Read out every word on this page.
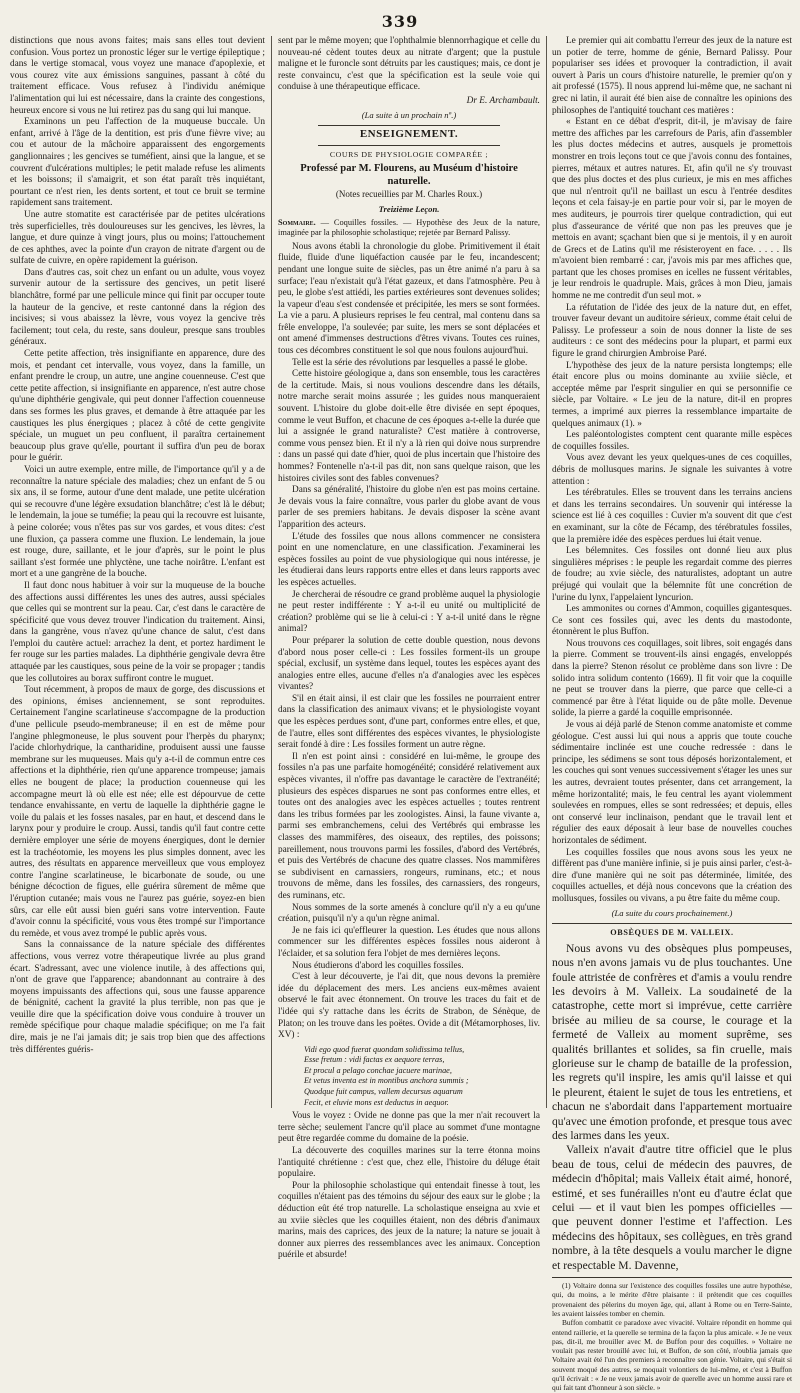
339

distinctions que nous avons faites; mais sans elles tout devient confusion. Vous portez un pronostic léger sur le vertige épileptique ; dans le vertige stomacal, vous voyez une manace d'apoplexie, et vous courez vite aux émissions sanguines, passant à côté du traitement efficace. Vous refusez à l'individu anémique l'alimentation qui lui est nécessaire, dans la crainte des congestions, heureux encore si vous ne lui retirez pas du sang qui lui manque.

Examinons un peu l'affection de la muqueuse buccale. Un enfant, arrivé à l'âge de la dentition, est pris d'une fièvre vive; au cou et autour de la mâchoire apparaissent des engorgements ganglionnaires ; les gencives se tuméfient, ainsi que la langue, et se couvrent d'ulcérations multiples; le petit malade refuse les aliments et les boissons; il s'amaigrit, et son état paraît très inquiétant, pourtant ce n'est rien, les dents sortent, et tout ce bruit se termine rapidement sans traitement.

Une autre stomatite est caractérisée par de petites ulcérations très superficielles, très douloureuses sur les gencives, les lèvres, la langue, et dure quinze à vingt jours, plus ou moins; l'attouchement de ces aphthes, avec la pointe d'un crayon de nitrate d'argent ou de sulfate de cuivre, en opère rapidement la guérison.

Dans d'autres cas, soit chez un enfant ou un adulte, vous voyez survenir autour de la sertissure des gencives, un petit liseré blanchâtre, formé par une pellicule mince qui finit par occuper toute la hauteur de la gencive, et reste cantonné dans la région des incisives; si vous abaissez la lèvre, vous voyez la gencive très facilement; tout cela, du reste, sans douleur, presque sans troubles généraux.

Cette petite affection, très insignifiante en apparence, dure des mois, et pendant cet intervalle, vous voyez, dans la famille, un enfant prendre le croup, un autre, une angine couenneuse. C'est que cette petite affection, si insignifiante en apparence, n'est autre chose qu'une diphthérie gengivale, qui peut donner l'affection couenneuse dans ses formes les plus graves, et demande à être attaquée par les caustiques les plus énergiques ; placez à côté de cette gengivite spéciale, un muguet un peu confluent, il paraîtra certainement beaucoup plus grave qu'elle, pourtant il suffira d'un peu de borax pour le guérir.

Voici un autre exemple, entre mille, de l'importance qu'il y a de reconnaître la nature spéciale des maladies; chez un enfant de 5 ou six ans, il se forme, autour d'une dent malade, une petite ulcération qui se recouvre d'une légère exsudation blanchâtre; c'est là le début; le lendemain, la joue se tuméfie; la peau qui la recouvre est luisante, à peine colorée; vous n'êtes pas sur vos gardes, et vous dites: c'est une fluxion, ça passera comme une fluxion. Le lendemain, la joue est rouge, dure, saillante, et le jour d'après, sur le point le plus saillant s'est formée une phlyctène, une tache noirâtre. L'enfant est mort et a une gangrène de la bouche.

Il faut donc nous habituer à voir sur la muqueuse de la bouche des affections aussi différentes les unes des autres, aussi spéciales que celles qui se montrent sur la peau. Car, c'est dans le caractère de spécificité que vous devez trouver l'indication du traitement. Ainsi, dans la gangrène, vous n'avez qu'une chance de salut, c'est dans l'emploi du cautère actuel: arrachez la dent, et portez hardiment le fer rouge sur les parties malades. La diphthérie gengivale devra être attaquée par les caustiques, sous peine de la voir se propager ; tandis que les collutoires au borax suffiront contre le muguet.

Tout récemment, à propos de maux de gorge, des discussions et des opinions, émises anciennement, se sont reproduites. Certainement l'angine scarlatineuse s'accompagne de la production d'une pellicule pseudo-membraneuse; il en est de même pour l'angine phlegmoneuse, le plus souvent pour l'herpès du pharynx; l'acide chlorhydrique, la cantharidine, produisent aussi une fausse membrane sur les muqueuses. Mais qu'y a-t-il de commun entre ces affections et la diphthérie, rien qu'une apparence trompeuse; jamais elles ne bougent de place; la production couenneuse qui les accompagne meurt là où elle est née; elle est dépourvue de cette tendance envahissante, en vertu de laquelle la diphthérie gagne le voile du palais et les fosses nasales, par en haut, et descend dans le larynx pour y produire le croup. Aussi, tandis qu'il faut contre cette dernière employer une série de moyens énergiques, dont le dernier est la trachéotomie, les moyens les plus simples donnent, avec les autres, des résultats en apparence merveilleux que vous employez contre l'angine scarlatineuse, le bicarbonate de soude, ou une bénigne décoction de figues, elle guérira sûrement de même que l'éruption cutanée; mais vous ne l'aurez pas guérie, soyez-en bien sûrs, car elle eût aussi bien guéri sans votre intervention. Faute d'avoir connu la spécificité, vous vous êtes trompé sur l'importance du remède, et vous avez trompé le public après vous.

Sans la connaissance de la nature spéciale des différentes affections, vous verrez votre thérapeutique livrée au plus grand écart. S'adressant, avec une violence inutile, à des affections qui, n'ont de grave que l'apparence; abandonnant au contraire à des moyens impuissants des affections qui, sous une fausse apparence de bénignité, cachent la gravité la plus terrible, non pas que je veuille dire que la spécification doive vous conduire à trouver un remède spécifique pour chaque maladie spécifique; on me l'a fait dire, mais je ne l'ai jamais dit; je sais trop bien que des affections très différentes guéris-

sent par le même moyen; que l'ophthalmie blennorrhagique et celle du nouveau-né cèdent toutes deux au nitrate d'argent; que la pustule maligne et le furoncle sont détruits par les caustiques; mais, ce dont je reste convaincu, c'est que la spécification est la seule voie qui conduise à une thérapeutique efficace.

Dr E. Archambault.
(La suite à un prochain nº.)
ENSEIGNEMENT.
COURS DE PHYSIOLOGIE COMPARÉE ;
Professé par M. Flourens, au Muséum d'histoire naturelle.
(Notes recueillies par M. Charles Roux.)
Treizième Leçon.

Sommaire. — Coquilles fossiles. — Hypothèse des Jeux de la nature, imaginée par la philosophie scholastique; rejetée par Bernard Palissy.

Nous avons établi la chronologie du globe. Primitivement il était fluide, fluide d'une liquéfaction causée par le feu, incandescent; pendant une longue suite de siècles, pas un être animé n'a paru à sa surface; l'eau n'existait qu'à l'état gazeux, et dans l'atmosphère. Peu à peu, le globe s'est attiédi, les parties extérieures sont devenues solides; la vapeur d'eau s'est condensée et précipitée, les mers se sont formées. La vie a paru. A plusieurs reprises le feu central, mal contenu dans sa frêle enveloppe, l'a soulevée; par suite, les mers se sont déplacées et ont amené d'immenses destructions d'êtres vivans. Toutes ces ruines, tous ces décombres constituent le sol que nous foulons aujourd'hui.

Telle est la série des révolutions par lesquelles a passé le globe.

Cette histoire géologique a, dans son ensemble, tous les caractères de la certitude. Mais, si nous voulions descendre dans les détails, notre marche serait moins assurée ; les guides nous manqueraient souvent. L'histoire du globe doit-elle être divisée en sept époques, comme le veut Buffon, et chacune de ces époques a-t-elle la durée que lui a assignée le grand naturaliste? C'est matière à controverse, comme vous pensez bien. Et il n'y a là rien qui doive nous surprendre : dans un passé qui date d'hier, quoi de plus incertain que l'histoire des hommes? Fontenelle n'a-t-il pas dit, non sans quelque raison, que les histoires civiles sont des fables convenues?

Dans sa généralité, l'histoire du globe n'en est pas moins certaine. Je devais vous la faire connaître, vous parler du globe avant de vous parler de ses premiers habitans. Je devais disposer la scène avant l'apparition des acteurs.

L'étude des fossiles que nous allons commencer ne consistera point en une nomenclature, en une classification. J'examinerai les espèces fossiles au point de vue physiologique qui nous intéresse, je les étudierai dans leurs rapports entre elles et dans leurs rapports avec les espèces actuelles.

Je chercherai de résoudre ce grand problème auquel la physiologie ne peut rester indifférente : Y a-t-il eu unité ou multiplicité de création? problème qui se lie à celui-ci : Y a-t-il unité dans le règne animal?

Pour préparer la solution de cette double question, nous devons d'abord nous poser celle-ci : Les fossiles forment-ils un groupe spécial, exclusif, un système dans lequel, toutes les espèces ayant des analogies entre elles, aucune d'elles n'a d'analogies avec les espèces vivantes?

S'il en était ainsi, il est clair que les fossiles ne pourraient entrer dans la classification des animaux vivans; et le physiologiste voyant que les espèces perdues sont, d'une part, conformes entre elles, et que, de l'autre, elles sont différentes des espèces vivantes, le physiologiste serait fondé à dire : Les fossiles forment un autre règne.

Il n'en est point ainsi : considéré en lui-même, le groupe des fossiles n'a pas une parfaite homogénéité; considéré relativement aux espèces vivantes, il n'offre pas davantage le caractère de l'extranéité; plusieurs des espèces disparues ne sont pas conformes entre elles, et toutes ont des analogies avec les espèces actuelles ; toutes rentrent dans les tribus formées par les zoologistes. Ainsi, la faune vivante a, parmi ses embranchemens, celui des Vertébrés qui embrasse les classes des mammifères, des oiseaux, des reptiles, des poissons; pareillement, nous trouvons parmi les fossiles, d'abord des Vertébrés, et puis des Vertébrés de chacune des quatre classes. Nos mammifères se subdivisent en carnassiers, rongeurs, ruminans, etc.; et nous trouvons de même, dans les fossiles, des carnassiers, des rongeurs, des ruminans, etc.

Nous sommes de la sorte amenés à conclure qu'il n'y a eu qu'une création, puisqu'il n'y a qu'un règne animal.

Je ne fais ici qu'effleurer la question. Les études que nous allons commencer sur les différentes espèces fossiles nous aideront à l'éclaider, et sa solution fera l'objet de mes dernières leçons.

Nous étudierons d'abord les coquilles fossiles.

C'est à leur découverte, je l'ai dit, que nous devons la première idée du déplacement des mers. Les anciens eux-mêmes avaient observé le fait avec étonnement. On trouve les traces du fait et de l'idée qui s'y rattache dans les écrits de Strabon, de Sénèque, de Platon; on les trouve dans les poëtes. Ovide a dit (Métamorphoses, liv. XV) :

Vidi ego quod fuerat quondam solidissima tellus,
Esse fretum : vidi factas ex aequore terras,
Et procul a pelago conchae jacuere marinae,
Et vetus inventa est in montibus anchora summis ;
Quodque fuit campus, vallem decursus aquarum
Fecit, et eluvie mons est deductus in aequor.

Vous le voyez : Ovide ne donne pas que la mer n'ait recouvert la terre sèche; seulement l'ancre qu'il place au sommet d'une montagne peut être regardée comme du domaine de la poésie.

La découverte des coquilles marines sur la terre étonna moins l'antiquité chrétienne : c'est que, chez elle, l'histoire du déluge était populaire.

Pour la philosophie scholastique qui entendait finesse à tout, les coquilles n'étaient pas des témoins du séjour des eaux sur le globe ; la déduction eût été trop naturelle. La scholastique enseigna au xvie et au xviie siècles que les coquilles étaient, non des débris d'animaux marins, mais des caprices, des jeux de la nature; la nature se jouait à donner aux pierres des ressemblances avec les animaux. Conception puérile et absurde!

Le premier qui ait combattu l'erreur des jeux de la nature est un potier de terre, homme de génie, Bernard Palissy. Pour populariser ses idées et provoquer la contradiction, il avait ouvert à Paris un cours d'histoire naturelle, le premier qu'on y ait professé (1575). Il nous apprend lui-même que, ne sachant ni grec ni latin, il aurait été bien aise de connaître les opinions des philosophes de l'antiquité touchant ces matières :

« Estant en ce débat d'esprit, dit-il, je m'avisay de faire mettre des affiches par les carrefours de Paris, afin d'assembler les plus doctes médecins et autres, ausquels je promettois monstrer en trois leçons tout ce que j'avois connu des fontaines, pierres, métaux et autres natures. Et, afin qu'il ne s'y trouvast que des plus doctes et des plus curieux, je mis en mes affiches que nul n'entroit qu'il ne baillast un escu à l'entrée desdites leçons et cela faisay-je en partie pour voir si, par le moyen de mes auditeurs, je pourrois tirer quelque contradiction, qui eut plus d'asseurance de vérité que non pas les preuves que je mettois en avant; sçachant bien que si je mentois, il y en auroit de Grecs et de Latins qu'il me résisteroyent en face. . . . . Ils m'avoient bien rembarré : car, j'avois mis par mes affiches que, partant que les choses promises en icelles ne fussent véritables, je leur rendrois le quadruple. Mais, grâces à mon Dieu, jamais homme ne me contredit d'un seul mot. »

La réfutation de l'idée des jeux de la nature dut, en effet, trouver faveur devant un auditoire sérieux, comme était celui de Palissy. Le professeur a soin de nous donner la liste de ses auditeurs : ce sont des médecins pour la plupart, et parmi eux figure le grand chirurgien Ambroise Paré.

L'hypothèse des jeux de la nature persista longtemps; elle était encore plus ou moins dominante au xviiie siècle, et acceptée même par l'esprit singulier en qui se personnifie ce siècle, par Voltaire. « Le jeu de la nature, dit-il en propres termes, a imprimé aux pierres la ressemblance impartaite de quelques animaux (1). »

Les paléontologistes comptent cent quarante mille espèces de coquilles fossiles.

Vous avez devant les yeux quelques-unes de ces coquilles, débris de mollusques marins. Je signale les suivantes à votre attention :

Les térébratules. Elles se trouvent dans les terrains anciens et dans les terrains secondaires. Un souvenir qui intéresse la science est lié à ces coquilles : Cuvier m'a souvent dit que c'est en examinant, sur la côte de Fécamp, des térébratules fossiles, que la première idée des espèces perdues lui était venue.

Les bélemnites. Ces fossiles ont donné lieu aux plus singulières méprises : le peuple les regardait comme des pierres de foudre; au xvie siècle, des naturalistes, adoptant un autre préjugé qui voulait que la bélemnite fût une concrétion de l'urine du lynx, l'appelaient lyncurion.

Les ammonites ou cornes d'Ammon, coquilles gigantesques. Ce sont ces fossiles qui, avec les dents du mastodonte, étonnèrent le plus Buffon.

Nous trouvons ces coquillages, soit libres, soit engagés dans la pierre. Comment se trouvent-ils ainsi engagés, enveloppés dans la pierre? Stenon résolut ce problème dans son livre : De solido intra solidum contento (1669). Il fit voir que la coquille ne peut se trouver dans la pierre, que parce que celle-ci a commencé par être à l'état liquide ou de pâte molle. Devenue solide, la pierre a gardé la coquille emprisonnée.

Je vous ai déjà parlé de Stenon comme anatomiste et comme géologue. C'est aussi lui qui nous a appris que toute couche sédimentaire inclinée est une couche redressée : dans le principe, les sédimens se sont tous déposés horizontalement, et les couches qui sont venues successivement s'étager les unes sur les autres, devraient toutes présenter, dans cet arrangement, la même horizontalité; mais, le feu central les ayant violemment soulevées en rompues, elles se sont redressées; et depuis, elles ont conservé leur inclinaison, pendant que le travail lent et régulier des eaux déposait à leur base de nouvelles couches horizontales de sédiment.

Les coquilles fossiles que nous avons sous les yeux ne diffèrent pas d'une manière infinie, si je puis ainsi parler, c'est-à-dire d'une manière qui ne soit pas déterminée, limitée, des coquilles actuelles, et déjà nous concevons que la création des mollusques, fossiles ou vivans, a pu être faite du même coup.

(La suite du cours prochainement.)
OBSÈQUES DE M. VALLEIX.

Nous avons vu des obsèques plus pompeuses, nous n'en avons jamais vu de plus touchantes. Une foule attristée de confrères et d'amis a voulu rendre les devoirs à M. Valleix. La soudaineté de la catastrophe, cette mort si imprévue, cette carrière brisée au milieu de sa course, le courage et la fermeté de Valleix au moment suprême, ses qualités brillantes et solides, sa fin cruelle, mais glorieuse sur le champ de bataille de la profession, les regrets qu'il inspire, les amis qu'il laisse et qui le pleurent, étaient le sujet de tous les entretiens, et chacun ne s'abordait dans l'appartement mortuaire qu'avec une émotion profonde, et presque tous avec des larmes dans les yeux.

Valleix n'avait d'autre titre officiel que le plus beau de tous, celui de médecin des pauvres, de médecin d'hôpital; mais Valleix était aimé, honoré, estimé, et ses funérailles n'ont eu d'autre éclat que celui — et il vaut bien les pompes officielles — que peuvent donner l'estime et l'affection. Les médecins des hôpitaux, ses collègues, en très grand nombre, à la tête desquels a voulu marcher le digne et respectable M. Davenne,

(1) Voltaire donna sur l'existence des coquilles fossiles une autre hypothèse, qui, du moins, a le mérite d'être plaisante : il prétendit que ces coquilles provenaient des pèlerins du moyen âge, qui, allant à Rome ou en Terre-Sainte, les avaient laissées tomber en chemin.

Buffon combattit ce paradoxe avec vivacité. Voltaire répondit en homme qui entend raillerie, et la querelle se termina de la façon la plus amicale. « Je ne veux pas, dit-il, me brouiller avec M. de Buffon pour des coquilles. » Voltaire ne voulait pas rester brouillé avec lui, et Buffon, de son côté, n'oublia jamais que Voltaire avait été l'un des premiers à reconnaître son génie. Voltaire, qui s'était si souvent moqué des autres, se moquait volontiers de lui-même, et c'est à Buffon qu'il écrivait : « Je ne veux jamais avoir de querelle avec un homme aussi rare et qui fait tant d'honneur à son siècle. »
